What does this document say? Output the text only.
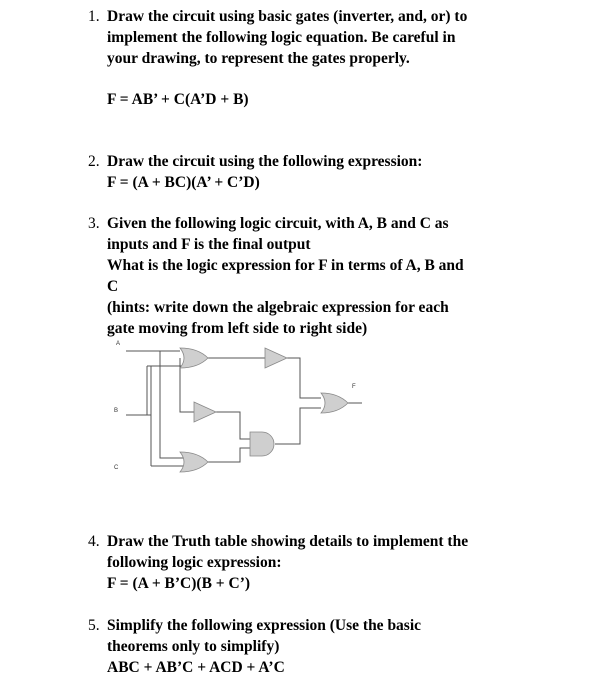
1. Draw the circuit using basic gates (inverter, and, or) to
implement the following logic equation. Be careful in
your drawing, to represent the gates properly.
F = AB’ + C(A’D + B)
2. Draw the circuit using the following expression:
F = (A + BC)(A’ + C’D)
3. Given the following logic circuit, with A, B and C as
inputs and F is the final output
What is the logic expression for F in terms of A, B and
C
(hints: write down the algebraic expression for each
gate moving from left side to right side)
A
B
C
F
4. Draw the Truth table showing details to implement the
following logic expression:
F = (A + B’C)(B + C’)
5. Simplify the following expression (Use the basic
theorems only to simplify)
ABC + AB’C + ACD + A’C
